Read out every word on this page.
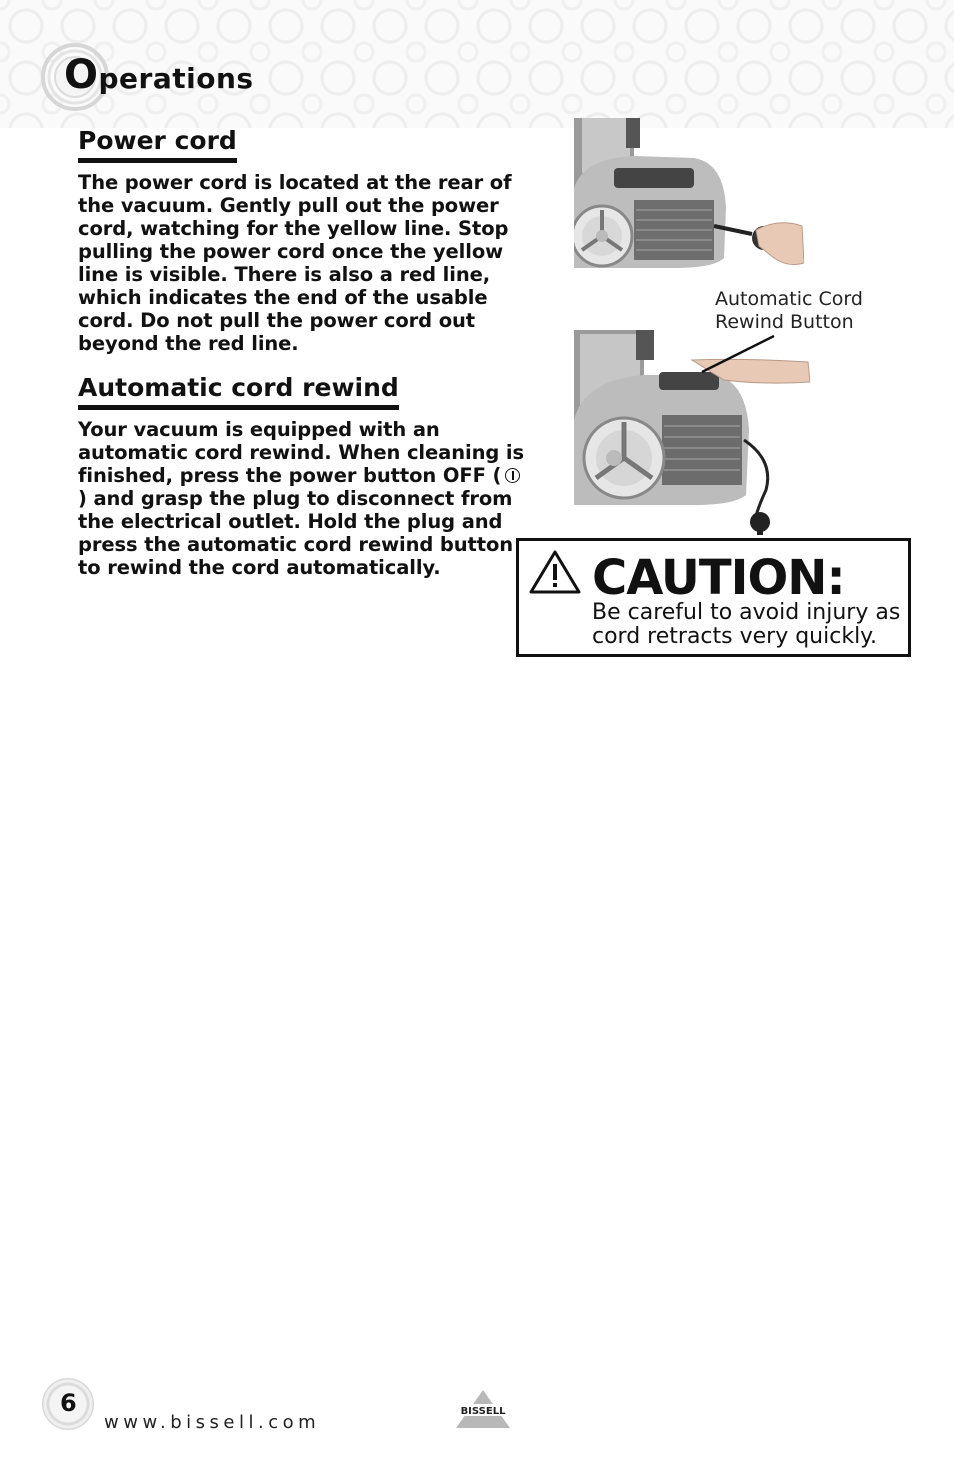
Operations
Power cord

The power cord is located at the rear of the vacuum. Gently pull out the power cord, watching for the yellow line. Stop pulling the power cord once the yellow line is visible. There is also a red line, which indicates the end of the usable cord. Do not pull the power cord out beyond the red line.

Automatic cord rewind

Your vacuum is equipped with an automatic cord rewind. When cleaning is finished, press the power button OFF () and grasp the plug to disconnect from the electrical outlet. Hold the plug and press the automatic cord rewind button to rewind the cord automatically.

Automatic Cord
Rewind Button
CAUTION:

Be careful to avoid injury as cord retracts very quickly.

6

www.bissell.com

BISSELL
